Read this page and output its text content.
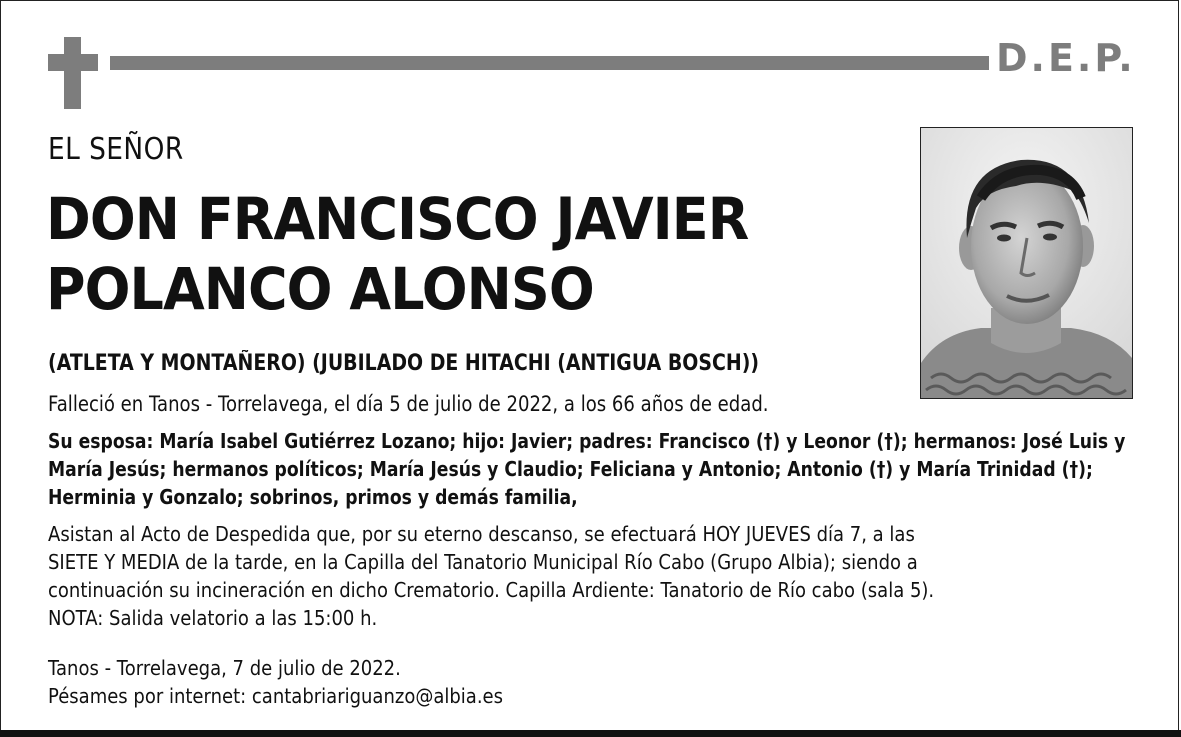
D.E.P.
EL SEÑOR
DON FRANCISCO JAVIER
POLANCO ALONSO
(ATLETA Y MONTAÑERO) (JUBILADO DE HITACHI (ANTIGUA BOSCH))
Falleció en Tanos - Torrelavega, el día 5 de julio de 2022, a los 66 años de edad.
Su esposa: María Isabel Gutiérrez Lozano; hijo: Javier; padres: Francisco (†) y Leonor (†); hermanos: José Luis y
María Jesús; hermanos políticos; María Jesús y Claudio; Feliciana y Antonio; Antonio (†) y María Trinidad (†);
Herminia y Gonzalo; sobrinos, primos y demás familia,
Asistan al Acto de Despedida que, por su eterno descanso, se efectuará HOY JUEVES día 7, a las
SIETE Y MEDIA de la tarde, en la Capilla del Tanatorio Municipal Río Cabo (Grupo Albia); siendo a
continuación su incineración en dicho Crematorio. Capilla Ardiente: Tanatorio de Río cabo (sala 5).
NOTA: Salida velatorio a las 15:00 h.
Tanos - Torrelavega, 7 de julio de 2022.
Pésames por internet: cantabriariguanzo@albia.es
